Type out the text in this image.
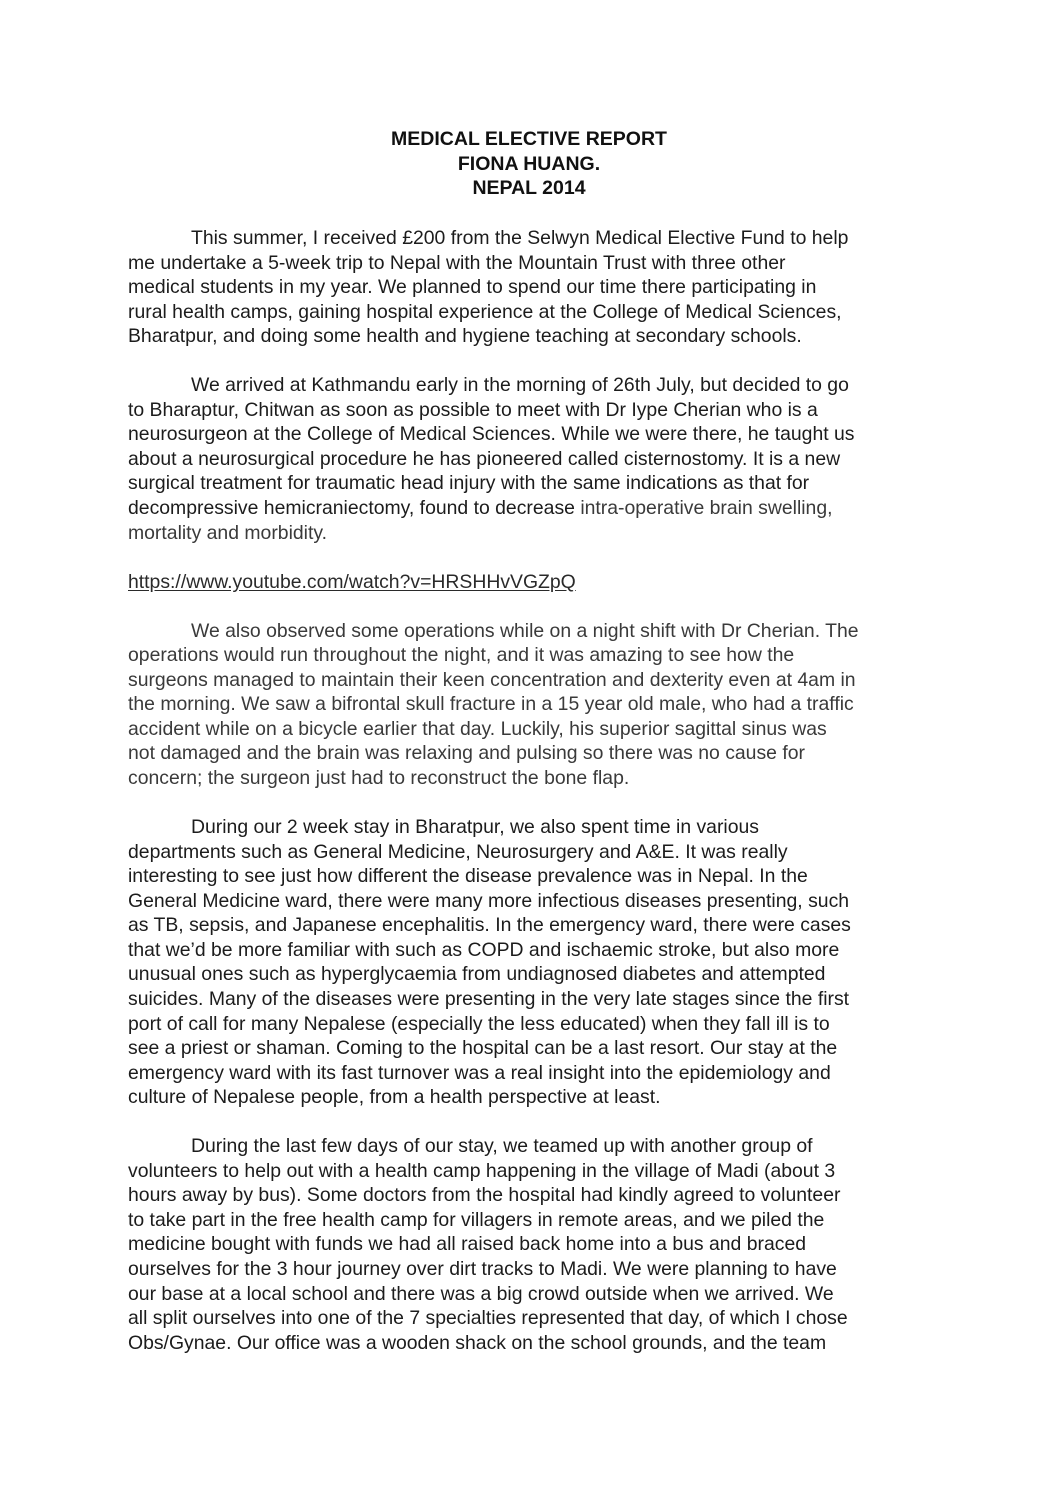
MEDICAL ELECTIVE REPORT
FIONA HUANG.
NEPAL 2014

This summer, I received £200 from the Selwyn Medical Elective Fund to help
me undertake a 5-week trip to Nepal with the Mountain Trust with three other
medical students in my year. We planned to spend our time there participating in
rural health camps, gaining hospital experience at the College of Medical Sciences,
Bharatpur, and doing some health and hygiene teaching at secondary schools.

We arrived at Kathmandu early in the morning of 26th July, but decided to go
to Bharaptur, Chitwan as soon as possible to meet with Dr Iype Cherian who is a
neurosurgeon at the College of Medical Sciences. While we were there, he taught us
about a neurosurgical procedure he has pioneered called cisternostomy. It is a new
surgical treatment for traumatic head injury with the same indications as that for
decompressive hemicraniectomy, found to decrease intra-operative brain swelling,
mortality and morbidity.

https://www.youtube.com/watch?v=HRSHHvVGZpQ

We also observed some operations while on a night shift with Dr Cherian. The
operations would run throughout the night, and it was amazing to see how the
surgeons managed to maintain their keen concentration and dexterity even at 4am in
the morning. We saw a bifrontal skull fracture in a 15 year old male, who had a traffic
accident while on a bicycle earlier that day. Luckily, his superior sagittal sinus was
not damaged and the brain was relaxing and pulsing so there was no cause for
concern; the surgeon just had to reconstruct the bone flap.

During our 2 week stay in Bharatpur, we also spent time in various
departments such as General Medicine, Neurosurgery and A&E. It was really
interesting to see just how different the disease prevalence was in Nepal. In the
General Medicine ward, there were many more infectious diseases presenting, such
as TB, sepsis, and Japanese encephalitis. In the emergency ward, there were cases
that we’d be more familiar with such as COPD and ischaemic stroke, but also more
unusual ones such as hyperglycaemia from undiagnosed diabetes and attempted
suicides. Many of the diseases were presenting in the very late stages since the first
port of call for many Nepalese (especially the less educated) when they fall ill is to
see a priest or shaman. Coming to the hospital can be a last resort. Our stay at the
emergency ward with its fast turnover was a real insight into the epidemiology and
culture of Nepalese people, from a health perspective at least.

During the last few days of our stay, we teamed up with another group of
volunteers to help out with a health camp happening in the village of Madi (about 3
hours away by bus). Some doctors from the hospital had kindly agreed to volunteer
to take part in the free health camp for villagers in remote areas, and we piled the
medicine bought with funds we had all raised back home into a bus and braced
ourselves for the 3 hour journey over dirt tracks to Madi. We were planning to have
our base at a local school and there was a big crowd outside when we arrived. We
all split ourselves into one of the 7 specialties represented that day, of which I chose
Obs/Gynae. Our office was a wooden shack on the school grounds, and the team
